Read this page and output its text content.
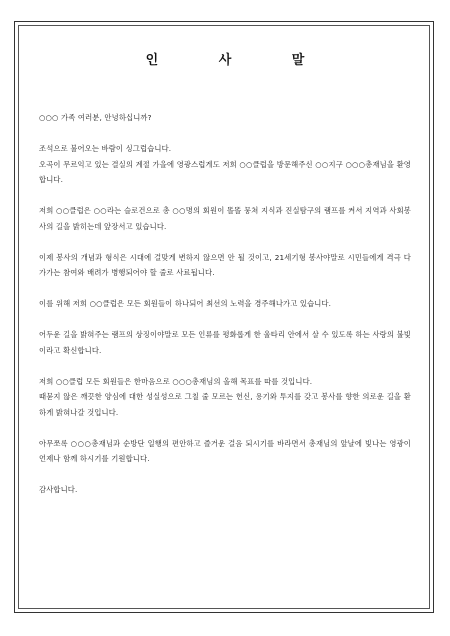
인 사 말

○○○ 가족 여러분, 안녕하십니까?

조석으로 불어오는 바람이 싱그럽습니다.
오곡이 무르익고 있는 결실의 계절 가을에 영광스럽게도 저희 ○○클럽을 방문해주신 ○○지구 ○○○총재님을 환영합니다.

저희 ○○클럽은 ○○라는 슬로건으로 총 ○○명의 회원이 똘똘 뭉쳐 지식과 진실탐구의 램프를 켜서 지역과 사회봉사의 길을 밝히는데 앞장서고 있습니다.

이제 봉사의 개념과 형식은 시대에 걸맞게 변하지 않으면 안 될 것이고, 21세기형 봉사야말로 시민들에게 격극 다가가는 참여와 배려가 병행되어야 할 줄로 사료됩니다.

이를 위해 저희 ○○클럽은 모든 회원들이 하나되어 최선의 노력을 경주해나가고 있습니다.

어두운 길을 밝혀주는 램프의 상징이야말로 모든 인류를 평화롭게 한 울타리 안에서 살 수 있도록 하는 사랑의 불빛이라고 확신합니다.

저희 ○○클럽 모든 회원들은 한마음으로 ○○○총재님의 올해 목표를 따를 것입니다.
때묻지 않은 깨끗한 양심에 대한 성실성으로 그칠 줄 모르는 헌신, 용기와 투지를 갖고 봉사를 향한 의로운 길을 환하게 밝혀나갈 것입니다.

아무쪼록 ○○○총재님과 순방단 일행의 편안하고 즐거운 걸음 되시기를 바라면서 총재님의 앞날에 빛나는 영광이 언제나 함께 하시기를 기원합니다.

감사합니다.
